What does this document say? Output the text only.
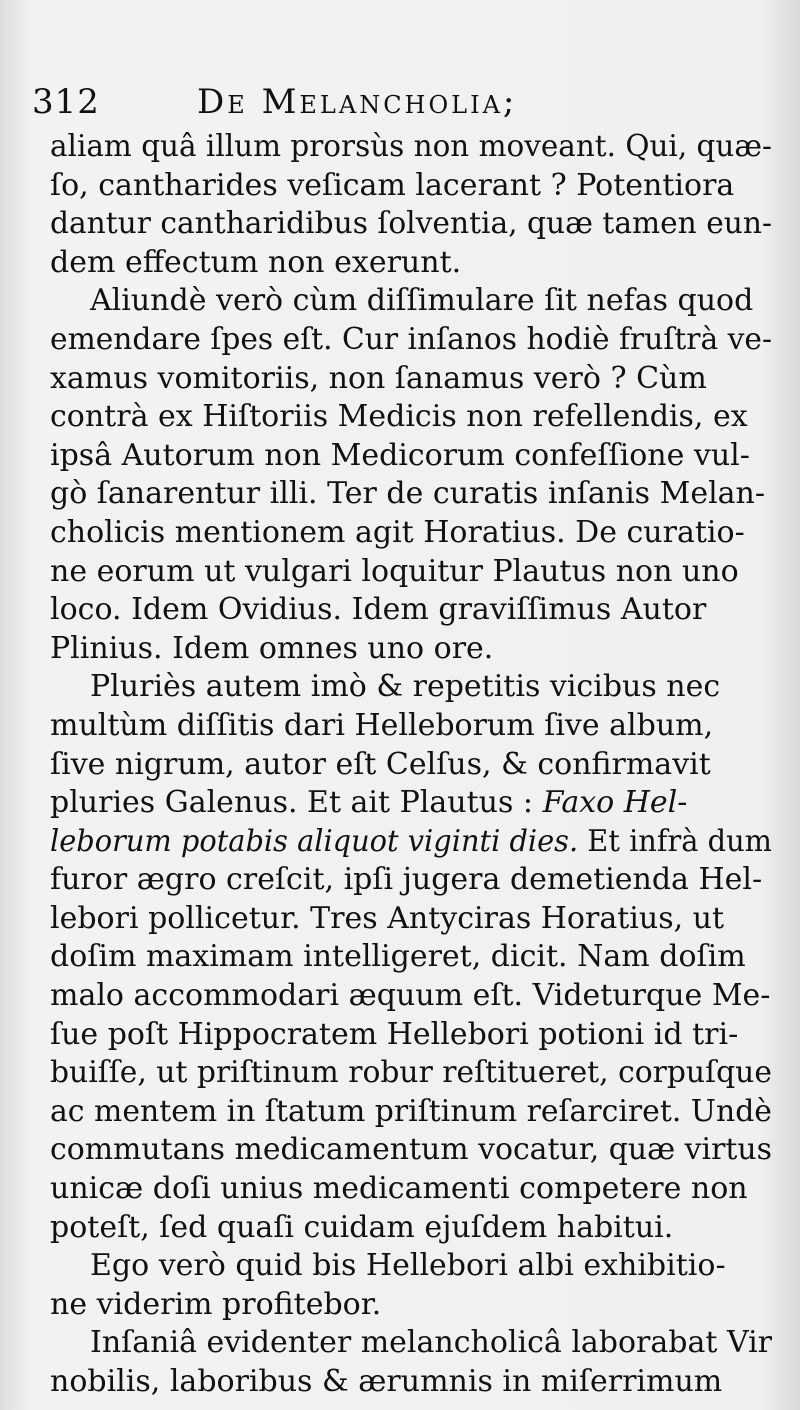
312	De Melancholia;
aliam quâ illum prorsùs non moveant. Qui, quæ-
ſo, cantharides veſicam lacerant ? Potentiora
dantur cantharidibus ſolventia, quæ tamen eun-
dem effectum non exerunt.
Aliundè verò cùm diſſimulare ſit nefas quod
emendare ſpes eſt. Cur inſanos hodiè fruſtrà ve-
xamus vomitoriis, non ſanamus verò ? Cùm
contrà ex Hiſtoriis Medicis non refellendis, ex
ipsâ Autorum non Medicorum confeſſione vul-
gò ſanarentur illi. Ter de curatis inſanis Melan-
cholicis mentionem agit Horatius. De curatio-
ne eorum ut vulgari loquitur Plautus non uno
loco. Idem Ovidius. Idem graviſſimus Autor
Plinius. Idem omnes uno ore.
Pluriès autem imò & repetitis vicibus nec
multùm diſſitis dari Helleborum ſive album,
ſive nigrum, autor eſt Celſus, & confirmavit
pluries Galenus. Et ait Plautus : Faxo Hel-
leborum potabis aliquot viginti dies. Et infrà dum
furor ægro creſcit, ipſi jugera demetienda Hel-
lebori pollicetur. Tres Antyciras Horatius, ut
doſim maximam intelligeret, dicit. Nam doſim
malo accommodari æquum eſt. Videturque Me-
ſue poſt Hippocratem Hellebori potioni id tri-
buiſſe, ut priſtinum robur reſtitueret, corpuſque
ac mentem in ſtatum priſtinum reſarciret. Undè
commutans medicamentum vocatur, quæ virtus
unicæ doſi unius medicamenti competere non
poteſt, ſed quaſi cuidam ejuſdem habitui.
Ego verò quid bis Hellebori albi exhibitio-
ne viderim profitebor.
Inſaniâ evidenter melancholicâ laborabat Vir
nobilis, laboribus & ærumnis in miſerrimum
